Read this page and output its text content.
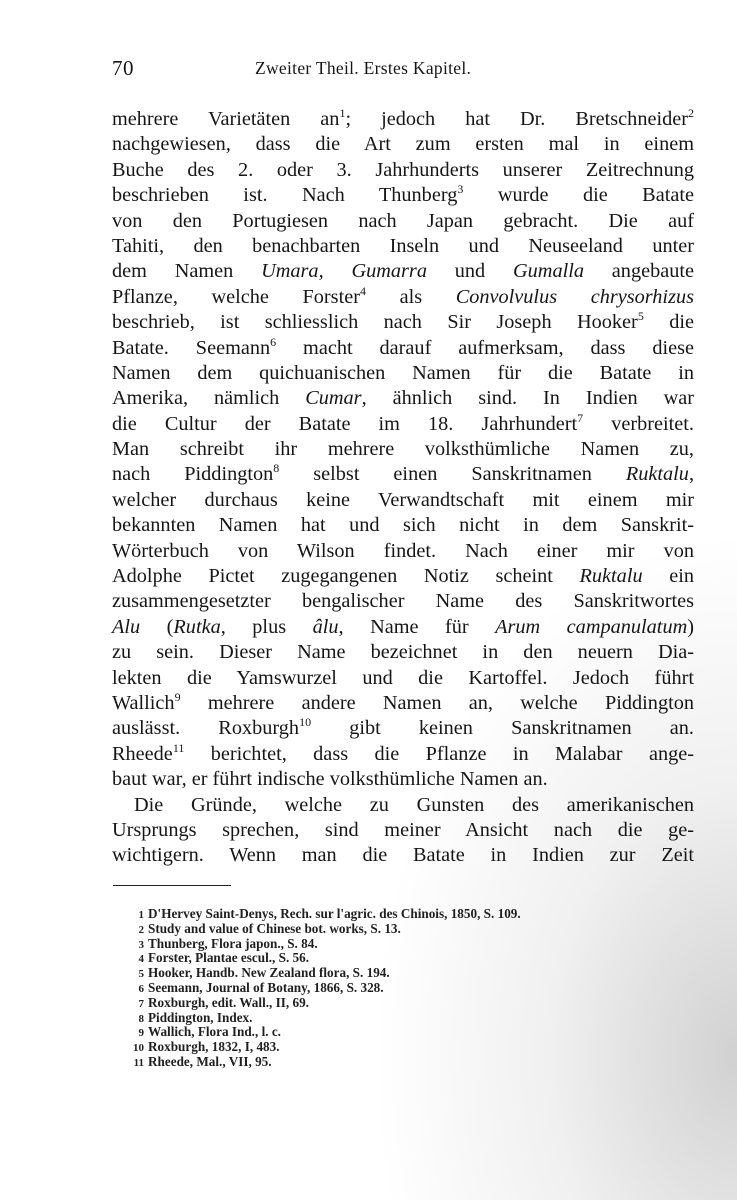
70	Zweiter Theil. Erstes Kapitel.
mehrere Varietäten an$^1$; jedoch hat Dr. Bretschneider$^2$
nachgewiesen, dass die Art zum ersten mal in einem
Buche des 2. oder 3. Jahrhunderts unserer Zeitrechnung
beschrieben ist. Nach Thunberg$^3$ wurde die Batate
von den Portugiesen nach Japan gebracht. Die auf
Tahiti, den benachbarten Inseln und Neuseeland unter
dem Namen Umara, Gumarra und Gumalla angebaute
Pflanze, welche Forster$^4$ als Convolvulus chrysorhizus
beschrieb, ist schliesslich nach Sir Joseph Hooker$^5$ die
Batate. Seemann$^6$ macht darauf aufmerksam, dass diese
Namen dem quichuanischen Namen für die Batate in
Amerika, nämlich Cumar, ähnlich sind. In Indien war
die Cultur der Batate im 18. Jahrhundert$^7$ verbreitet.
Man schreibt ihr mehrere volksthümliche Namen zu,
nach Piddington$^8$ selbst einen Sanskritnamen Ruktalu,
welcher durchaus keine Verwandtschaft mit einem mir
bekannten Namen hat und sich nicht in dem Sanskrit-
Wörterbuch von Wilson findet. Nach einer mir von
Adolphe Pictet zugegangenen Notiz scheint Ruktalu ein
zusammengesetzter bengalischer Name des Sanskritwortes
Alu (Rutka, plus âlu, Name für Arum campanulatum)
zu sein. Dieser Name bezeichnet in den neuern Dia-
lekten die Yamswurzel und die Kartoffel. Jedoch führt
Wallich$^9$ mehrere andere Namen an, welche Piddington
auslässt. Roxburgh$^{10}$ gibt keinen Sanskritnamen an.
Rheede$^{11}$ berichtet, dass die Pflanze in Malabar ange-
baut war, er führt indische volksthümliche Namen an.
Die Gründe, welche zu Gunsten des amerikanischen
Ursprungs sprechen, sind meiner Ansicht nach die ge-
wichtigern. Wenn man die Batate in Indien zur Zeit
1 D'Hervey Saint-Denys, Rech. sur l'agric. des Chinois, 1850, S. 109.
2 Study and value of Chinese bot. works, S. 13.
3 Thunberg, Flora japon., S. 84.
4 Forster, Plantae escul., S. 56.
5 Hooker, Handb. New Zealand flora, S. 194.
6 Seemann, Journal of Botany, 1866, S. 328.
7 Roxburgh, edit. Wall., II, 69.
8 Piddington, Index.
9 Wallich, Flora Ind., l. c.
10 Roxburgh, 1832, I, 483.
11 Rheede, Mal., VII, 95.
